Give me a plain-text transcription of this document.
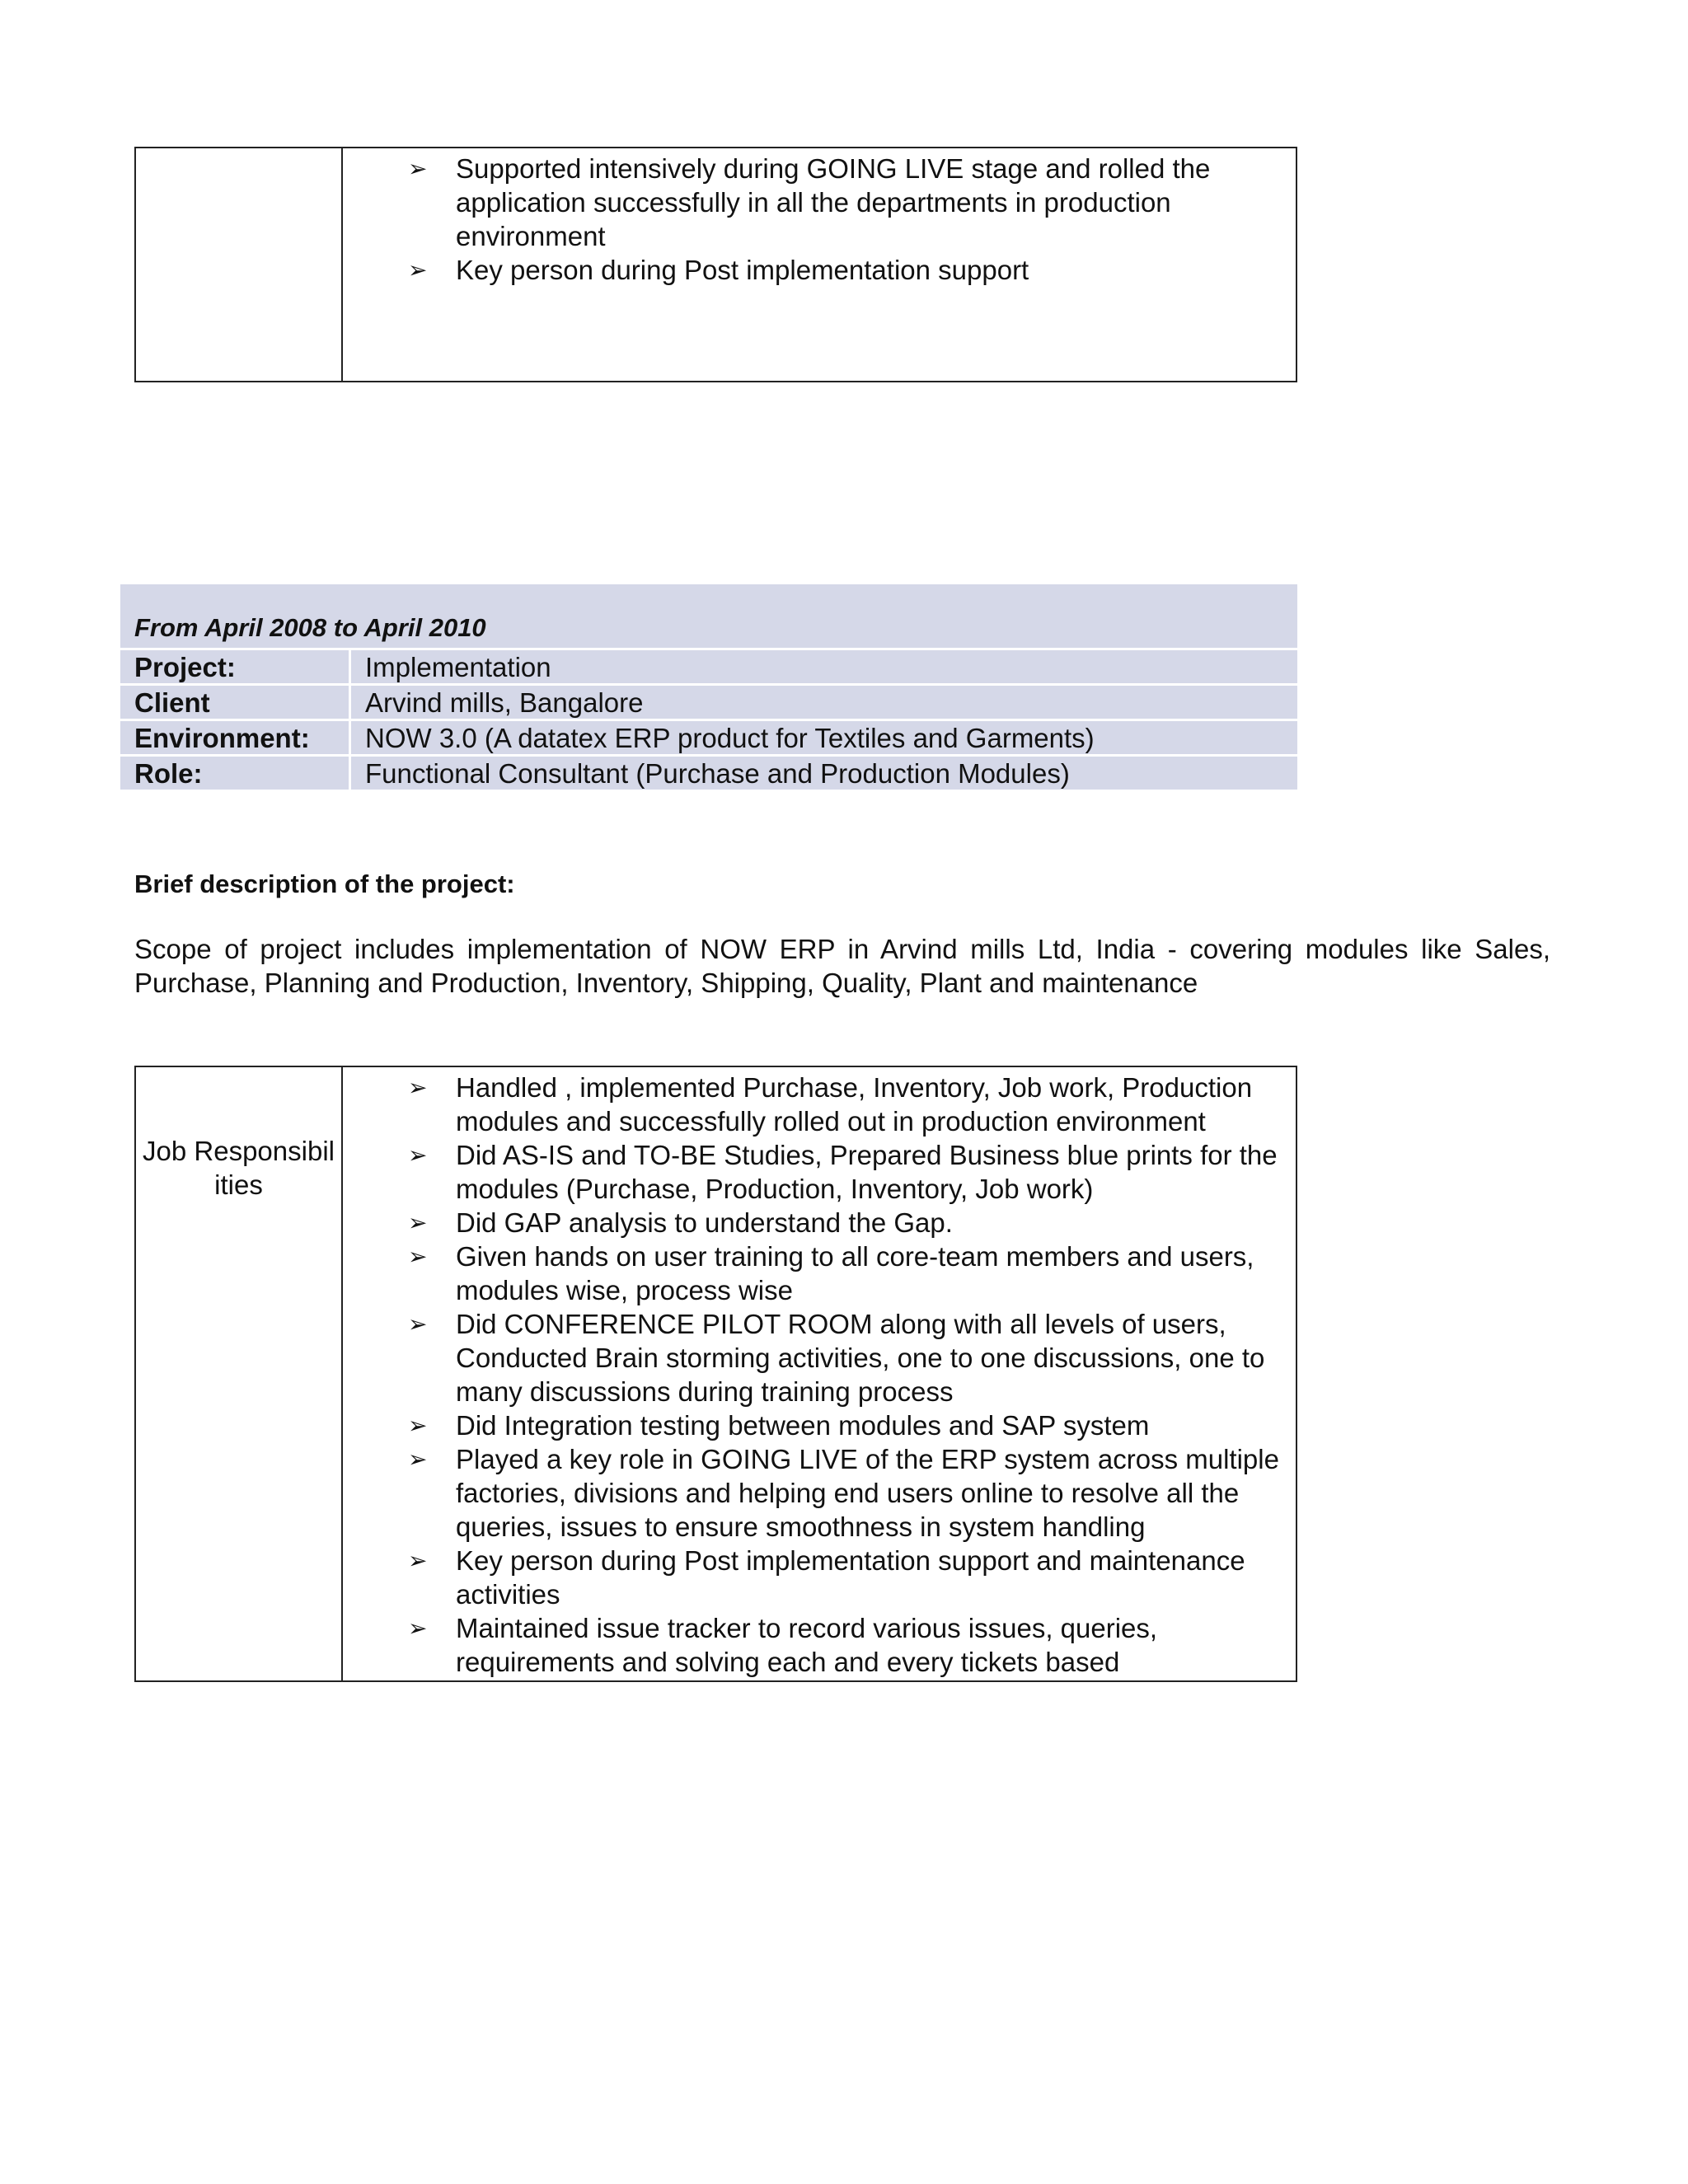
➢ Supported intensively during GOING LIVE stage and rolled the application successfully in all the departments in production environment
➢ Key person during Post implementation support
From April 2008 to April 2010
Project:	Implementation
Client	Arvind mills, Bangalore
Environment:	NOW 3.0 (A datatex ERP product for Textiles and Garments)
Role:	Functional Consultant (Purchase and Production Modules)
Brief description of the project:
Scope of project includes implementation of NOW ERP in Arvind mills Ltd, India - covering modules like Sales, Purchase, Planning and Production, Inventory, Shipping, Quality, Plant and maintenance
Job Responsibilities
➢ Handled , implemented Purchase, Inventory, Job work, Production modules and successfully rolled out in production environment
➢ Did AS-IS and TO-BE Studies, Prepared Business blue prints for the modules (Purchase, Production, Inventory, Job work)
➢ Did GAP analysis to understand the Gap.
➢ Given hands on user training to all core-team members and users, modules wise, process wise
➢ Did CONFERENCE PILOT ROOM along with all levels of users, Conducted Brain storming activities, one to one discussions, one to many discussions during training process
➢ Did Integration testing between modules and SAP system
➢ Played a key role in GOING LIVE of the ERP system across multiple factories, divisions and helping end users online to resolve all the queries, issues to ensure smoothness in system handling
➢ Key person during Post implementation support and maintenance activities
➢ Maintained issue tracker to record various issues, queries, requirements and solving each and every tickets based
